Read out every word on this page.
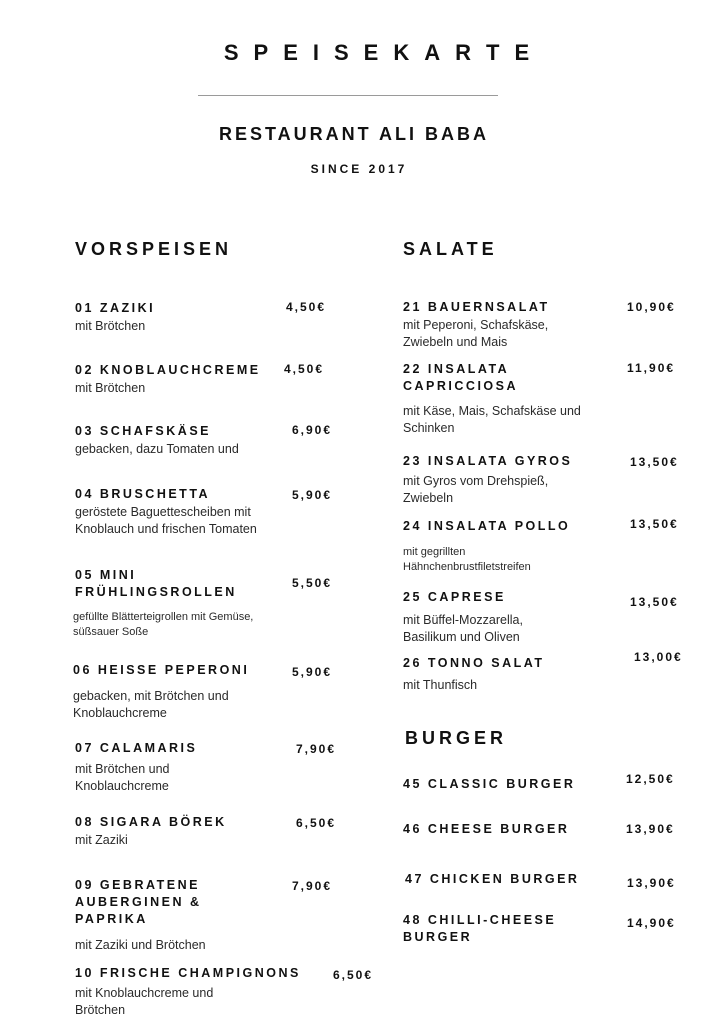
SPEISEKARTE
RESTAURANT ALI BABA
SINCE 2017
VORSPEISEN
01 ZAZIKI
mit Brötchen
4,50€
02 KNOBLAUCHCREME
mit Brötchen
4,50€
03 SCHAFSKÄSE
gebacken, dazu Tomaten und
6,90€
04 BRUSCHETTA
geröstete Baguettescheiben mit Knoblauch und frischen Tomaten
5,90€
05 MINI FRÜHLINGSROLLEN
gefüllte Blätterteigrollen mit Gemüse, süßsauer Soße
5,50€
06 HEISSE PEPERONI
gebacken, mit Brötchen und Knoblauchcreme
5,90€
07 CALAMARIS
mit Brötchen und Knoblauchcreme
7,90€
08 SIGARA BÖREK
mit Zaziki
6,50€
09 GEBRATENE AUBERGINEN & PAPRIKA
mit Zaziki und Brötchen
7,90€
10 FRISCHE CHAMPIGNONS
mit Knoblauchcreme und Brötchen
6,50€
SALATE
21 BAUERNSALAT
mit Peperoni, Schafskäse, Zwiebeln und Mais
10,90€
22 INSALATA CAPRICCIOSA
mit Käse, Mais, Schafskäse und Schinken
11,90€
23 INSALATA GYROS
mit Gyros vom Drehspieß, Zwiebeln
13,50€
24 INSALATA POLLO
mit gegrillten Hähnchenbrustfiletstreifen
13,50€
25 CAPRESE
mit Büffel-Mozzarella, Basilikum und Oliven
13,50€
26 TONNO SALAT
mit Thunfisch
13,00€
BURGER
45 CLASSIC BURGER	12,50€
46 CHEESE BURGER	13,90€
47 CHICKEN BURGER	13,90€
48 CHILLI-CHEESE BURGER
14,90€
